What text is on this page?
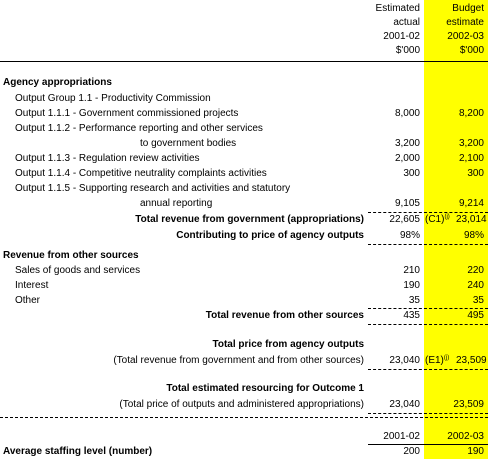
Estimated
actual
2001-02
$'000
Budget
estimate
2002-03
$'000
Agency appropriations
Output Group 1.1 - Productivity Commission
Output 1.1.1 - Government commissioned projects	8,000	8,200
Output 1.1.2 - Performance reporting and other services
to government bodies	3,200	3,200
Output 1.1.3 - Regulation review activities	2,000	2,100
Output 1.1.4 - Competitive neutrality complaints activities	300	300
Output 1.1.5 - Supporting research and activities and statutory
annual reporting	9,105	9,214
Total revenue from government (appropriations)	22,605 $(C1)^{(j)}$ 23,014
Contributing to price of agency outputs	98%	98%
Revenue from other sources
Sales of goods and services	210	220
Interest	190	240
Other	35	35
Total revenue from other sources	435	495
Total price from agency outputs
(Total revenue from government and from other sources)	23,040 $(E1)^{(j)}$ 23,509
Total estimated resourcing for Outcome 1
(Total price of outputs and administered appropriations)	23,040	23,509
2001-02	2002-03
Average staffing level (number)	200	190
